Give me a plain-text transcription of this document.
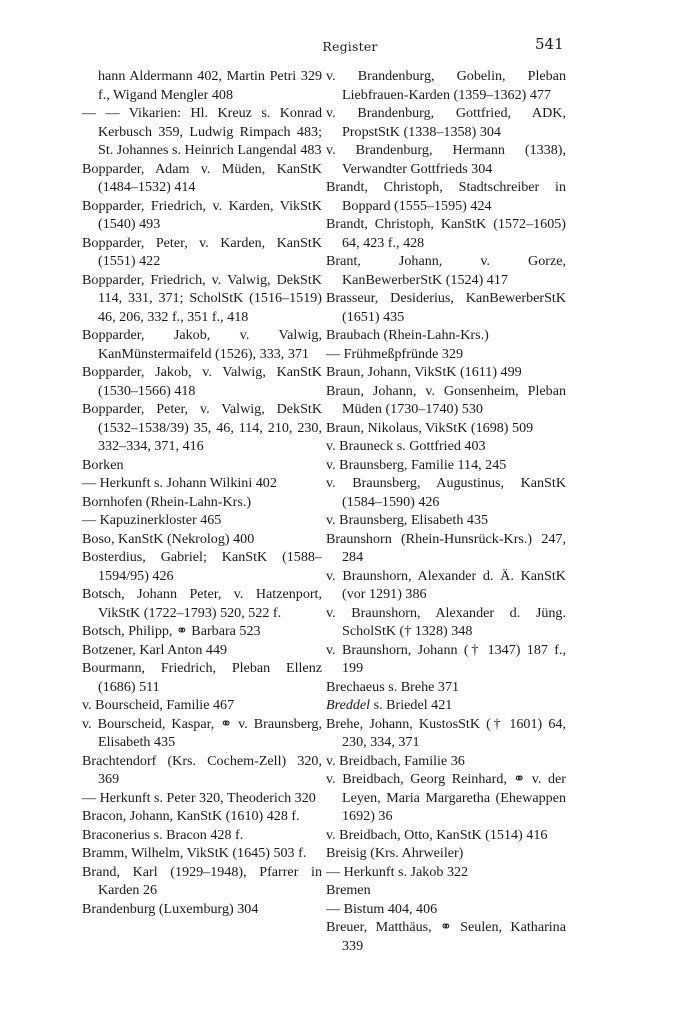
Register	541

hann Aldermann 402, Martin Petri 329 f., Wigand Mengler 408

— — Vikarien: Hl. Kreuz s. Konrad Kerbusch 359, Ludwig Rimpach 483; St. Johannes s. Heinrich Langendal 483

Bopparder, Adam v. Müden, KanStK (1484–1532) 414

Bopparder, Friedrich, v. Karden, VikStK (1540) 493

Bopparder, Peter, v. Karden, KanStK (1551) 422

Bopparder, Friedrich, v. Valwig, DekStK 114, 331, 371; ScholStK (1516–1519) 46, 206, 332 f., 351 f., 418

Bopparder, Jakob, v. Valwig, KanMünstermaifeld (1526), 333, 371

Bopparder, Jakob, v. Valwig, KanStK (1530–1566) 418

Bopparder, Peter, v. Valwig, DekStK (1532–1538/39) 35, 46, 114, 210, 230, 332–334, 371, 416

Borken

— Herkunft s. Johann Wilkini 402

Bornhofen (Rhein-Lahn-Krs.)

— Kapuzinerkloster 465

Boso, KanStK (Nekrolog) 400

Bosterdius, Gabriel; KanStK (1588–1594/95) 426

Botsch, Johann Peter, v. Hatzenport, VikStK (1722–1793) 520, 522 f.

Botsch, Philipp, ⚭ Barbara 523

Botzener, Karl Anton 449

Bourmann, Friedrich, Pleban Ellenz (1686) 511

v. Bourscheid, Familie 467

v. Bourscheid, Kaspar, ⚭ v. Braunsberg, Elisabeth 435

Brachtendorf (Krs. Cochem-Zell) 320, 369

— Herkunft s. Peter 320, Theoderich 320

Bracon, Johann, KanStK (1610) 428 f.

Braconerius s. Bracon 428 f.

Bramm, Wilhelm, VikStK (1645) 503 f.

Brand, Karl (1929–1948), Pfarrer in Karden 26

Brandenburg (Luxemburg) 304

v. Brandenburg, Gobelin, Pleban Liebfrauen-Karden (1359–1362) 477

v. Brandenburg, Gottfried, ADK, PropstStK (1338–1358) 304

v. Brandenburg, Hermann (1338), Verwandter Gottfrieds 304

Brandt, Christoph, Stadtschreiber in Boppard (1555–1595) 424

Brandt, Christoph, KanStK (1572–1605) 64, 423 f., 428

Brant, Johann, v. Gorze, KanBewerberStK (1524) 417

Brasseur, Desiderius, KanBewerberStK (1651) 435

Braubach (Rhein-Lahn-Krs.)

— Frühmeßpfründe 329

Braun, Johann, VikStK (1611) 499

Braun, Johann, v. Gonsenheim, Pleban Müden (1730–1740) 530

Braun, Nikolaus, VikStK (1698) 509

v. Brauneck s. Gottfried 403

v. Braunsberg, Familie 114, 245

v. Braunsberg, Augustinus, KanStK (1584–1590) 426

v. Braunsberg, Elisabeth 435

Braunshorn (Rhein-Hunsrück-Krs.) 247, 284

v. Braunshorn, Alexander d. Ä. KanStK (vor 1291) 386

v. Braunshorn, Alexander d. Jüng. ScholStK († 1328) 348

v. Braunshorn, Johann († 1347) 187 f., 199

Brechaeus s. Brehe 371

Breddel s. Briedel 421

Brehe, Johann, KustosStK († 1601) 64, 230, 334, 371

v. Breidbach, Familie 36

v. Breidbach, Georg Reinhard, ⚭ v. der Leyen, Maria Margaretha (Ehewappen 1692) 36

v. Breidbach, Otto, KanStK (1514) 416

Breisig (Krs. Ahrweiler)

— Herkunft s. Jakob 322

Bremen

— Bistum 404, 406

Breuer, Matthäus, ⚭ Seulen, Katharina 339
